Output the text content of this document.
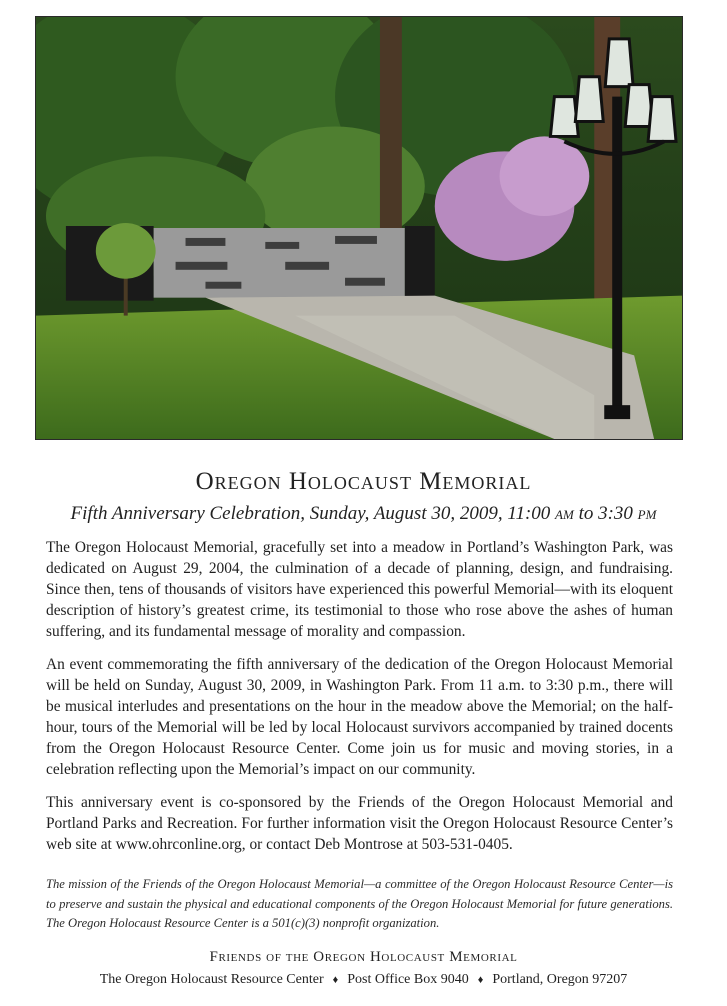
Oregon Holocaust Memorial
Fifth Anniversary Celebration, Sunday, August 30, 2009, 11:00 am to 3:30 pm

The Oregon Holocaust Memorial, gracefully set into a meadow in Portland’s Washington Park, was dedicated on August 29, 2004, the culmination of a decade of planning, design, and fundraising. Since then, tens of thousands of visitors have experienced this powerful Memorial—with its eloquent description of history’s greatest crime, its testimonial to those who rose above the ashes of human suffering, and its fundamental message of morality and compassion.

An event commemorating the fifth anniversary of the dedication of the Oregon Holocaust Memorial will be held on Sunday, August 30, 2009, in Washington Park. From 11 a.m. to 3:30 p.m., there will be musical interludes and presentations on the hour in the meadow above the Memorial; on the half-hour, tours of the Memorial will be led by local Holocaust survivors accompanied by trained docents from the Oregon Holocaust Resource Center. Come join us for music and moving stories, in a celebration reflecting upon the Memorial’s impact on our community.

This anniversary event is co-sponsored by the Friends of the Oregon Holocaust Memorial and Portland Parks and Recreation. For further information visit the Oregon Holocaust Resource Center’s web site at www.ohrconline.org, or contact Deb Montrose at 503-531-0405.

The mission of the Friends of the Oregon Holocaust Memorial—a committee of the Oregon Holocaust Resource Center—is to preserve and sustain the physical and educational components of the Oregon Holocaust Memorial for future generations. The Oregon Holocaust Resource Center is a 501(c)(3) nonprofit organization.
Friends of the Oregon Holocaust Memorial
The Oregon Holocaust Resource Center ♦ Post Office Box 9040 ♦ Portland, Oregon 97207
